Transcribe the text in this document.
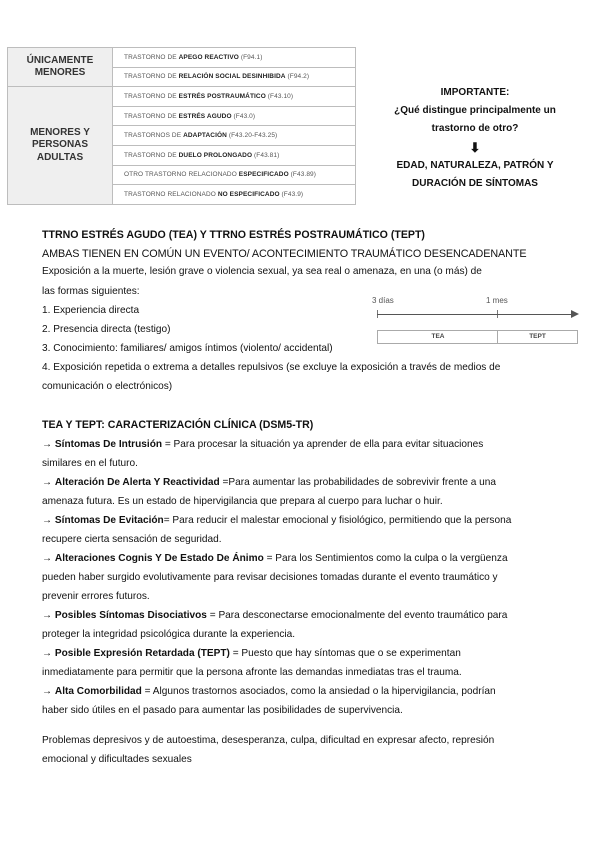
ÚNICAMENTE
MENORES	TRASTORNO DE APEGO REACTIVO (F94.1)
	TRASTORNO DE RELACIÓN SOCIAL DESINHIBIDA (F94.2)

MENORES Y
PERSONAS
ADULTAS	TRASTORNO DE ESTRÉS POSTRAUMÁTICO (F43.10)
	TRASTORNO DE ESTRÉS AGUDO (F43.0)
	TRASTORNOS DE ADAPTACIÓN (F43.20-F43.25)
	TRASTORNO DE DUELO PROLONGADO (F43.81)
	OTRO TRASTORNO RELACIONADO ESPECIFICADO (F43.89)
	TRASTORNO RELACIONADO NO ESPECIFICADO (F43.9)
IMPORTANTE:
¿Qué distingue principalmente un
trastorno de otro?
⬇
EDAD, NATURALEZA, PATRÓN Y
DURACIÓN DE SÍNTOMAS
TTRNO ESTRÉS AGUDO (TEA) Y TTRNO ESTRÉS POSTRAUMÁTICO (TEPT)
AMBAS TIENEN EN COMÚN UN EVENTO/ ACONTECIMIENTO TRAUMÁTICO DESENCADENANTE
Exposición a la muerte, lesión grave o violencia sexual, ya sea real o amenaza, en una (o más) de
las formas siguientes:
1. Experiencia directa
2. Presencia directa (testigo)
3. Conocimiento: familiares/ amigos íntimos (violento/ accidental)
4. Exposición repetida o extrema a detalles repulsivos (se excluye la exposición a través de medios de
comunicación o electrónicos)
3 días	1 mes
TEA	TEPT
TEA Y TEPT: CARACTERIZACIÓN CLÍNICA (DSM5-TR)
→ Síntomas De Intrusión = Para procesar la situación ya aprender de ella para evitar situaciones
similares en el futuro.
→ Alteración De Alerta Y Reactividad =Para aumentar las probabilidades de sobrevivir frente a una
amenaza futura. Es un estado de hipervigilancia que prepara al cuerpo para luchar o huir.
→ Síntomas De Evitación= Para reducir el malestar emocional y fisiológico, permitiendo que la persona
recupere cierta sensación de seguridad.
→ Alteraciones Cognis Y De Estado De Ánimo = Para los Sentimientos como la culpa o la vergüenza
pueden haber surgido evolutivamente para revisar decisiones tomadas durante el evento traumático y
prevenir errores futuros.
→ Posibles Síntomas Disociativos = Para desconectarse emocionalmente del evento traumático para
proteger la integridad psicológica durante la experiencia.
→ Posible Expresión Retardada (TEPT) = Puesto que hay síntomas que o se experimentan
inmediatamente para permitir que la persona afronte las demandas inmediatas tras el trauma.
→ Alta Comorbilidad = Algunos trastornos asociados, como la ansiedad o la hipervigilancia, podrían
haber sido útiles en el pasado para aumentar las posibilidades de supervivencia.
Problemas depresivos y de autoestima, desesperanza, culpa, dificultad en expresar afecto, represión
emocional y dificultades sexuales
